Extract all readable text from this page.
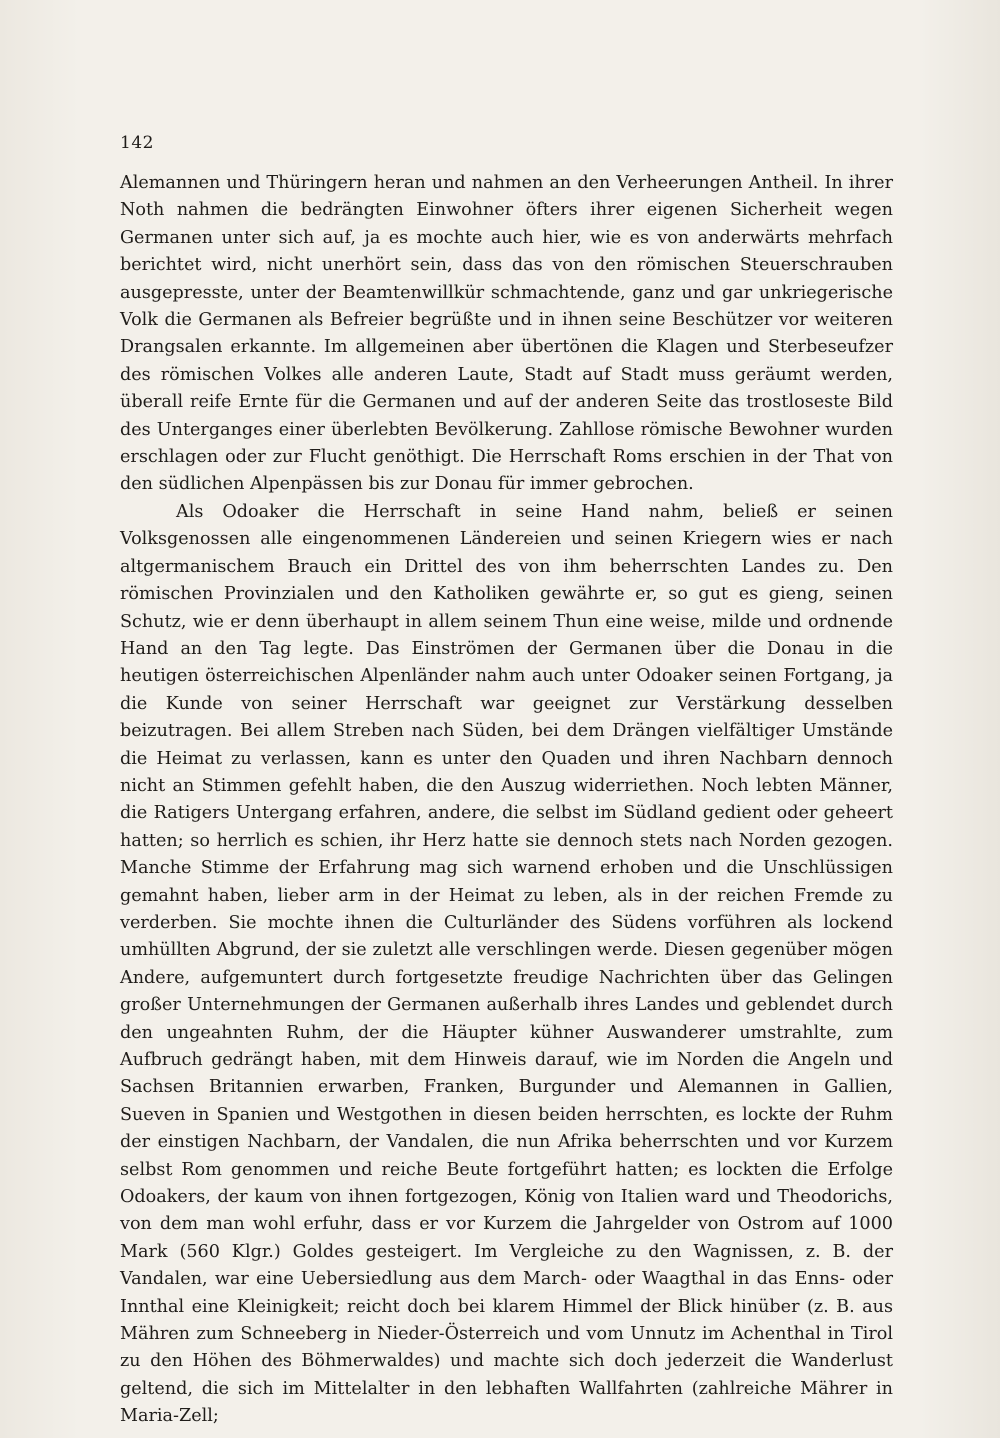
142

Alemannen und Thüringern heran und nahmen an den Verheerungen Antheil. In ihrer Noth nahmen die bedrängten Einwohner öfters ihrer eigenen Sicherheit wegen Germanen unter sich auf, ja es mochte auch hier, wie es von anderwärts mehrfach berichtet wird, nicht unerhört sein, dass das von den römischen Steuerschrauben ausgepresste, unter der Beamtenwillkür schmachtende, ganz und gar unkriegerische Volk die Germanen als Befreier begrüßte und in ihnen seine Beschützer vor weiteren Drangsalen erkannte. Im allgemeinen aber übertönen die Klagen und Sterbeseufzer des römischen Volkes alle anderen Laute, Stadt auf Stadt muss geräumt werden, überall reife Ernte für die Germanen und auf der anderen Seite das trostloseste Bild des Unterganges einer überlebten Bevölkerung. Zahllose römische Bewohner wurden erschlagen oder zur Flucht genöthigt. Die Herrschaft Roms erschien in der That von den südlichen Alpenpässen bis zur Donau für immer gebrochen.

Als Odoaker die Herrschaft in seine Hand nahm, beließ er seinen Volksgenossen alle eingenommenen Ländereien und seinen Kriegern wies er nach altgermanischem Brauch ein Drittel des von ihm beherrschten Landes zu. Den römischen Provinzialen und den Katholiken gewährte er, so gut es gieng, seinen Schutz, wie er denn überhaupt in allem seinem Thun eine weise, milde und ordnende Hand an den Tag legte. Das Einströmen der Germanen über die Donau in die heutigen österreichischen Alpenländer nahm auch unter Odoaker seinen Fortgang, ja die Kunde von seiner Herrschaft war geeignet zur Verstärkung desselben beizutragen. Bei allem Streben nach Süden, bei dem Drängen vielfältiger Umstände die Heimat zu verlassen, kann es unter den Quaden und ihren Nachbarn dennoch nicht an Stimmen gefehlt haben, die den Auszug widerriethen. Noch lebten Männer, die Ratigers Untergang erfahren, andere, die selbst im Südland gedient oder geheert hatten; so herrlich es schien, ihr Herz hatte sie dennoch stets nach Norden gezogen. Manche Stimme der Erfahrung mag sich warnend erhoben und die Unschlüssigen gemahnt haben, lieber arm in der Heimat zu leben, als in der reichen Fremde zu verderben. Sie mochte ihnen die Culturländer des Südens vorführen als lockend umhüllten Abgrund, der sie zuletzt alle verschlingen werde. Diesen gegenüber mögen Andere, aufgemuntert durch fortgesetzte freudige Nachrichten über das Gelingen großer Unternehmungen der Germanen außerhalb ihres Landes und geblendet durch den ungeahnten Ruhm, der die Häupter kühner Auswanderer umstrahlte, zum Aufbruch gedrängt haben, mit dem Hinweis darauf, wie im Norden die Angeln und Sachsen Britannien erwarben, Franken, Burgunder und Alemannen in Gallien, Sueven in Spanien und Westgothen in diesen beiden herrschten, es lockte der Ruhm der einstigen Nachbarn, der Vandalen, die nun Afrika beherrschten und vor Kurzem selbst Rom genommen und reiche Beute fortgeführt hatten; es lockten die Erfolge Odoakers, der kaum von ihnen fortgezogen, König von Italien ward und Theodorichs, von dem man wohl erfuhr, dass er vor Kurzem die Jahrgelder von Ostrom auf 1000 Mark (560 Klgr.) Goldes gesteigert. Im Vergleiche zu den Wagnissen, z. B. der Vandalen, war eine Uebersiedlung aus dem March- oder Waagthal in das Enns- oder Innthal eine Kleinigkeit; reicht doch bei klarem Himmel der Blick hinüber (z. B. aus Mähren zum Schneeberg in Nieder-Österreich und vom Unnutz im Achenthal in Tirol zu den Höhen des Böhmerwaldes) und machte sich doch jederzeit die Wanderlust geltend, die sich im Mittelalter in den lebhaften Wallfahrten (zahlreiche Mährer in Maria-Zell;
